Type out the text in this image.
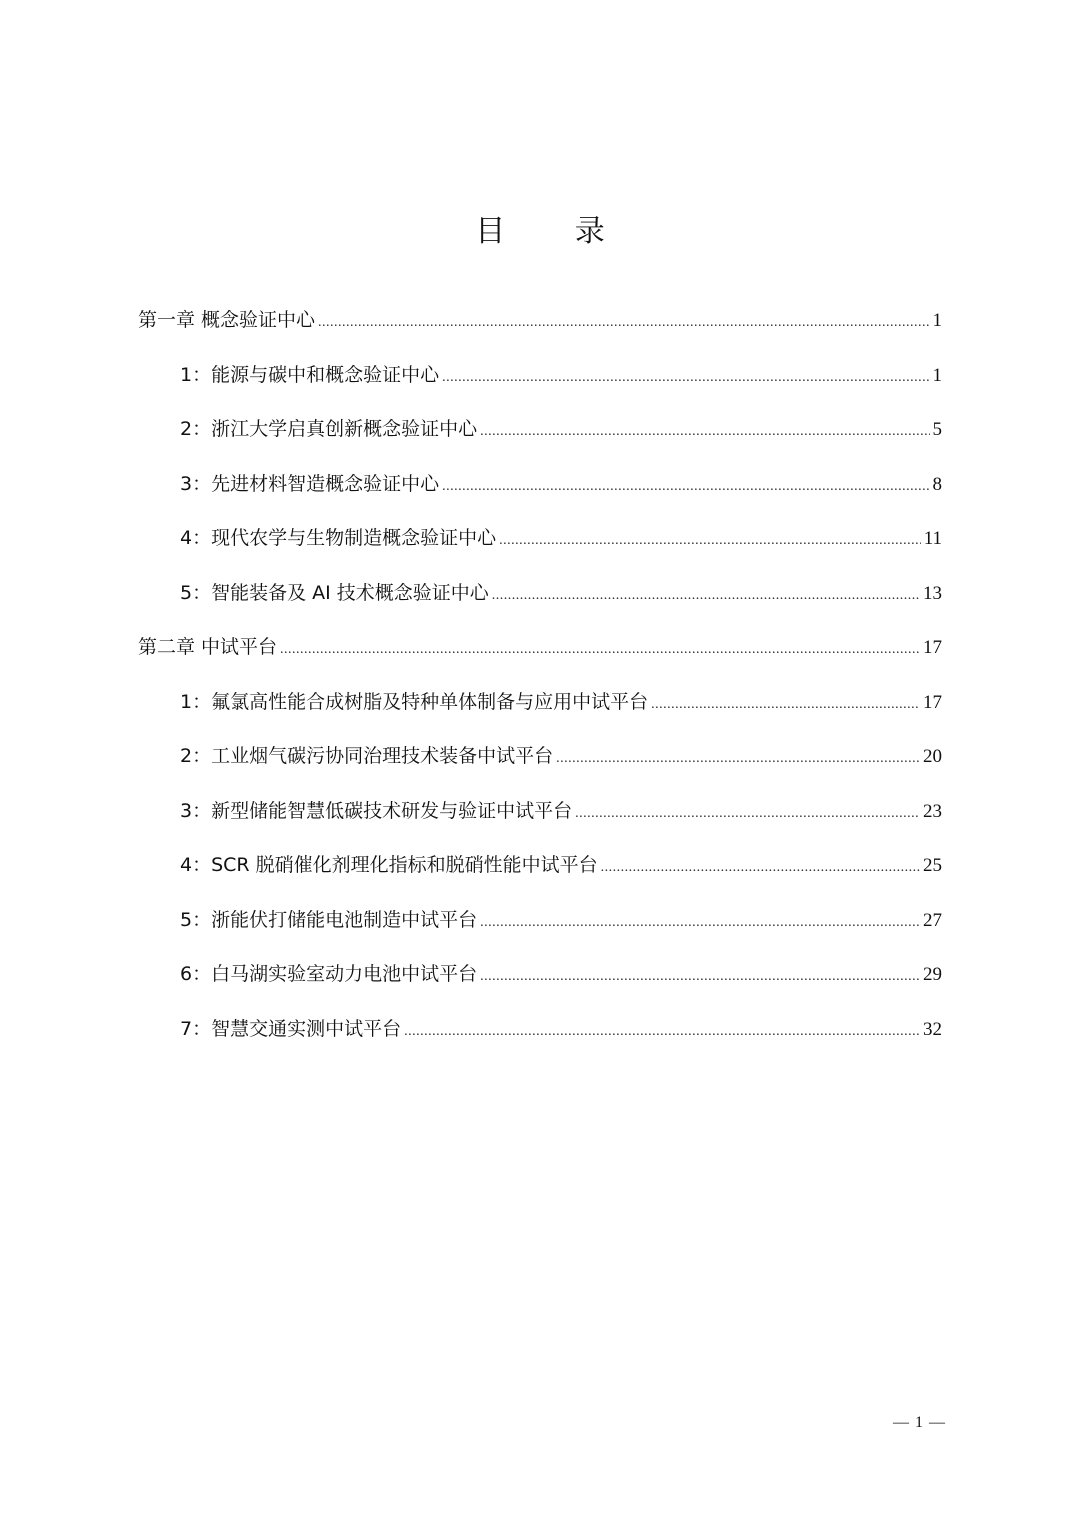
目 录
第一章 概念验证中心 .....	1
1：能源与碳中和概念验证中心 .....	1
2：浙江大学启真创新概念验证中心 .....	5
3：先进材料智造概念验证中心 .....	8
4：现代农学与生物制造概念验证中心 .....	11
5：智能装备及 AI 技术概念验证中心 .....	13
第二章 中试平台 .....	17
1：氟氯高性能合成树脂及特种单体制备与应用中试平台 .....	17
2：工业烟气碳污协同治理技术装备中试平台 .....	20
3：新型储能智慧低碳技术研发与验证中试平台 .....	23
4：SCR 脱硝催化剂理化指标和脱硝性能中试平台 .....	25
5：浙能伏打储能电池制造中试平台 .....	27
6：白马湖实验室动力电池中试平台 .....	29
7：智慧交通实测中试平台 .....	32
— 1 —
